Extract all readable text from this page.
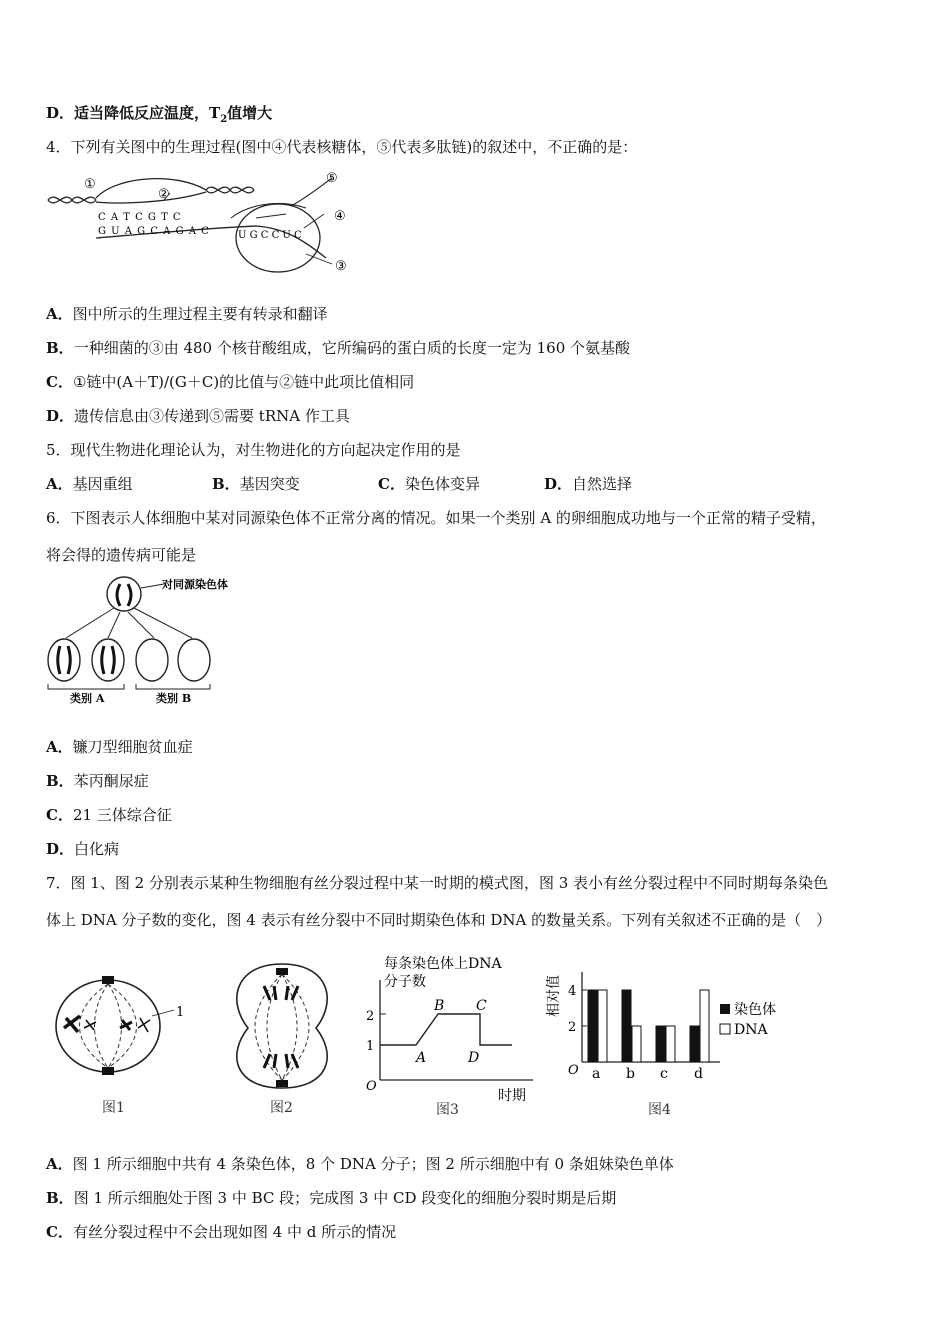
D．适当降低反应温度，$T_2$值增大
4．下列有关图中的生理过程(图中④代表核糖体，⑤代表多肽链)的叙述中，不正确的是：
①
②
③
④
⑤
C A T C G T C
G U A G C A G A C	U G C C U C
A．图中所示的生理过程主要有转录和翻译
B．一种细菌的③由 480 个核苷酸组成，它所编码的蛋白质的长度一定为 160 个氨基酸
C．①链中(A＋T)/(G＋C)的比值与②链中此项比值相同
D．遗传信息由③传递到⑤需要 tRNA 作工具
5．现代生物进化理论认为，对生物进化的方向起决定作用的是
A．基因重组	B．基因突变	C．染色体变异	D．自然选择
6．下图表示人体细胞中某对同源染色体不正常分离的情况。如果一个类别 A 的卵细胞成功地与一个正常的精子受精，
将会得的遗传病可能是
对同源染色体
类别 A	类别 B
A．镰刀型细胞贫血症
B．苯丙酮尿症
C．21 三体综合征
D．白化病
7．图 1、图 2 分别表示某种生物细胞有丝分裂过程中某一时期的模式图，图 3 表小有丝分裂过程中不同时期每条染色
体上 DNA 分子数的变化，图 4 表示有丝分裂中不同时期染色体和 DNA 的数量关系。下列有关叙述不正确的是（　）
1
图1	图2
每条染色体上DNA
分子数
O
1
2
A
B C
D
时期
图3
相对值
O
2
4
a b c d
染色体
DNA
图4
A．图 1 所示细胞中共有 4 条染色体，8 个 DNA 分子；图 2 所示细胞中有 0 条姐妹染色单体
B．图 1 所示细胞处于图 3 中 BC 段；完成图 3 中 CD 段变化的细胞分裂时期是后期
C．有丝分裂过程中不会出现如图 4 中 d 所示的情况
